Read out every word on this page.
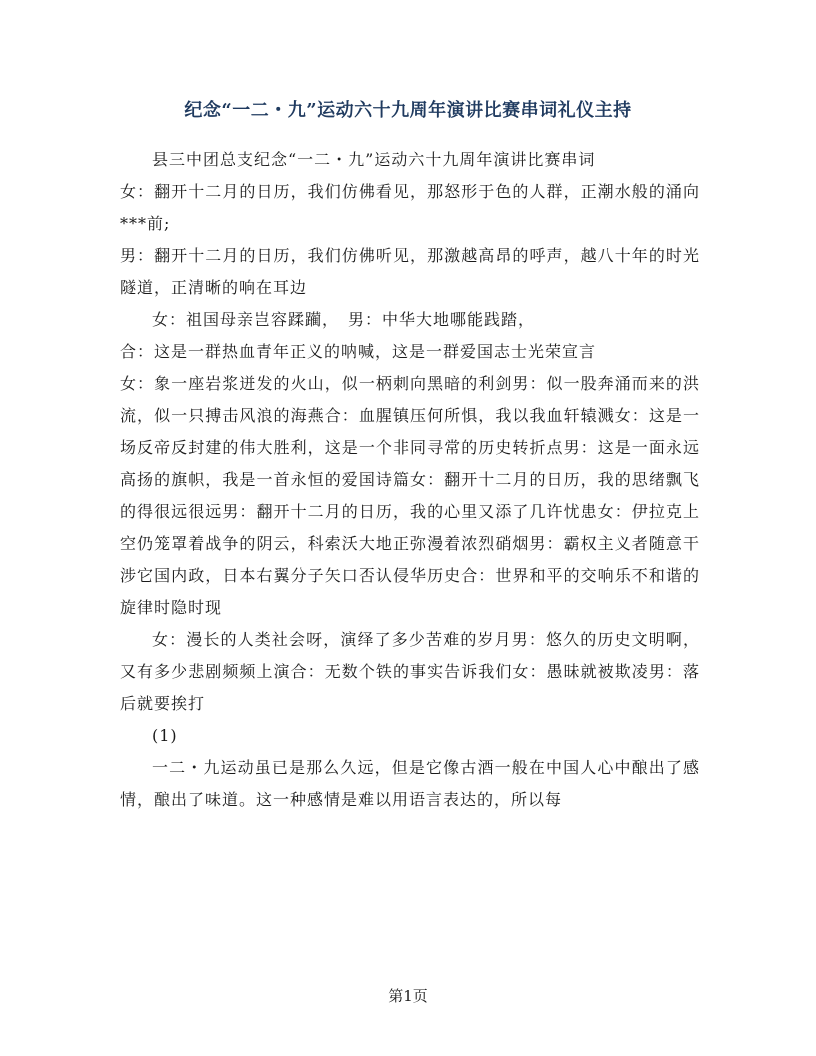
纪念“一二・九”运动六十九周年演讲比赛串词礼仪主持

县三中团总支纪念“一二・九”运动六十九周年演讲比赛串词

女：翻开十二月的日历，我们仿佛看见，那怒形于色的人群，正潮水般的涌向***前;

男：翻开十二月的日历，我们仿佛听见，那激越高昂的呼声，越八十年的时光隧道，正清晰的响在耳边

女：祖国母亲岂容蹂躏，　男：中华大地哪能践踏，

合：这是一群热血青年正义的呐喊，这是一群爱国志士光荣宣言

女：象一座岩浆迸发的火山，似一柄刺向黑暗的利剑男：似一股奔涌而来的洪流，似一只搏击风浪的海燕合：血腥镇压何所惧，我以我血轩辕溅女：这是一场反帝反封建的伟大胜利，这是一个非同寻常的历史转折点男：这是一面永远高扬的旗帜，我是一首永恒的爱国诗篇女：翻开十二月的日历，我的思绪飘飞的得很远很远男：翻开十二月的日历，我的心里又添了几许忧患女：伊拉克上空仍笼罩着战争的阴云，科索沃大地正弥漫着浓烈硝烟男：霸权主义者随意干涉它国内政，日本右翼分子矢口否认侵华历史合：世界和平的交响乐不和谐的旋律时隐时现

女：漫长的人类社会呀，演绎了多少苦难的岁月男：悠久的历史文明啊，又有多少悲剧频频上演合：无数个铁的事实告诉我们女：愚昧就被欺凌男：落后就要挨打

(1)

一二・九运动虽已是那么久远，但是它像古酒一般在中国人心中酿出了感情，酿出了味道。这一种感情是难以用语言表达的，所以每

第1页
